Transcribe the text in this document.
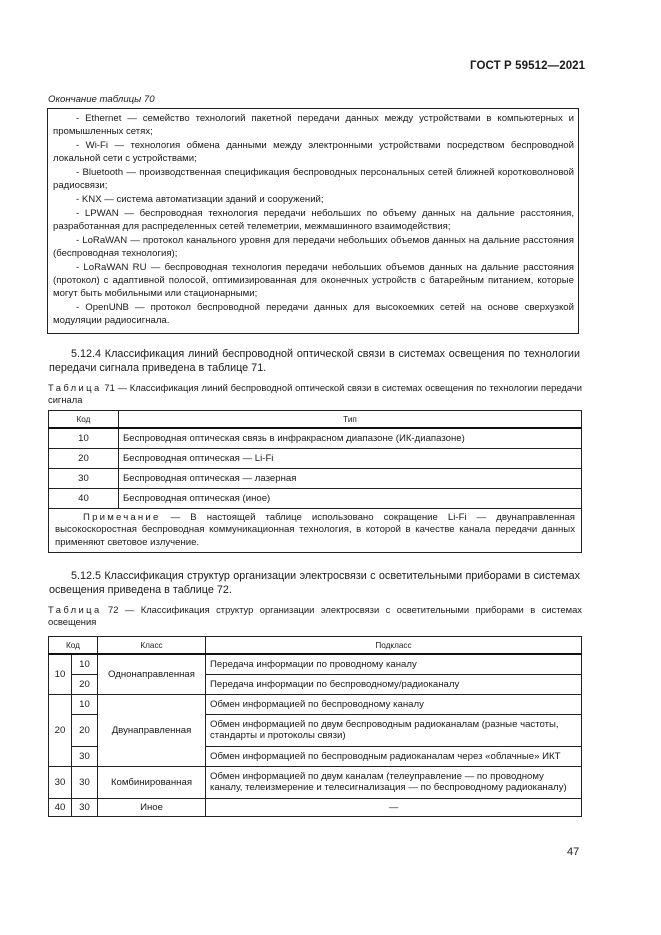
ГОСТ Р 59512—2021
Окончание таблицы 70

- Ethernet — семейство технологий пакетной передачи данных между устройствами в компьютерных и промышленных сетях;

- Wi-Fi — технология обмена данными между электронными устройствами посредством беспроводной локальной сети с устройствами;

- Bluetooth — производственная спецификация беспроводных персональных сетей ближней коротковолновой радиосвязи;

- KNX — система автоматизации зданий и сооружений;

- LPWAN — беспроводная технология передачи небольших по объему данных на дальние расстояния, разработанная для распределенных сетей телеметрии, межмашинного взаимодействия;

- LoRaWAN — протокол канального уровня для передачи небольших объемов данных на дальние расстояния (беспроводная технология);

- LoRaWAN RU — беспроводная технология передачи небольших объемов данных на дальние расстояния (протокол) с адаптивной полосой, оптимизированная для оконечных устройств с батарейным питанием, которые могут быть мобильными или стационарными;

- OpenUNB — протокол беспроводной передачи данных для высокоемких сетей на основе сверхузкой модуляции радиосигнала.

5.12.4 Классификация линий беспроводной оптической связи в системах освещения по технологии передачи сигнала приведена в таблице 71.
Таблица 71 — Классификация линий беспроводной оптической связи в системах освещения по технологии передачи сигнала
Код	Тип
10	Беспроводная оптическая связь в инфракрасном диапазоне (ИК-диапазоне)
20	Беспроводная оптическая — Li-Fi
30	Беспроводная оптическая — лазерная
40	Беспроводная оптическая (иное)
Примечание — В настоящей таблице использовано сокращение Li-Fi — двунаправленная высокоскоростная беспроводная коммуникационная технология, в которой в качестве канала передачи данных применяют световое излучение.	
5.12.5 Классификация структур организации электросвязи с осветительными приборами в системах освещения приведена в таблице 72.
Таблица 72 — Классификация структур организации электросвязи с осветительными приборами в системах освещения
Код		Класс	Подкласс
10	10	Однонаправленная	Передача информации по проводному каналу
	20		Передача информации по беспроводному/радиоканалу
20	10	Двунаправленная	Обмен информацией по беспроводному каналу
	20		Обмен информацией по двум беспроводным радиоканалам (разные частоты, стандарты и протоколы связи)
	30		Обмен информацией по беспроводным радиоканалам через «облачные» ИКТ
30	30	Комбинированная	Обмен информацией по двум каналам (телеуправление — по проводному каналу, телеизмерение и телесигнализация — по беспроводному радиоканалу)
40	30	Иное	—
47
